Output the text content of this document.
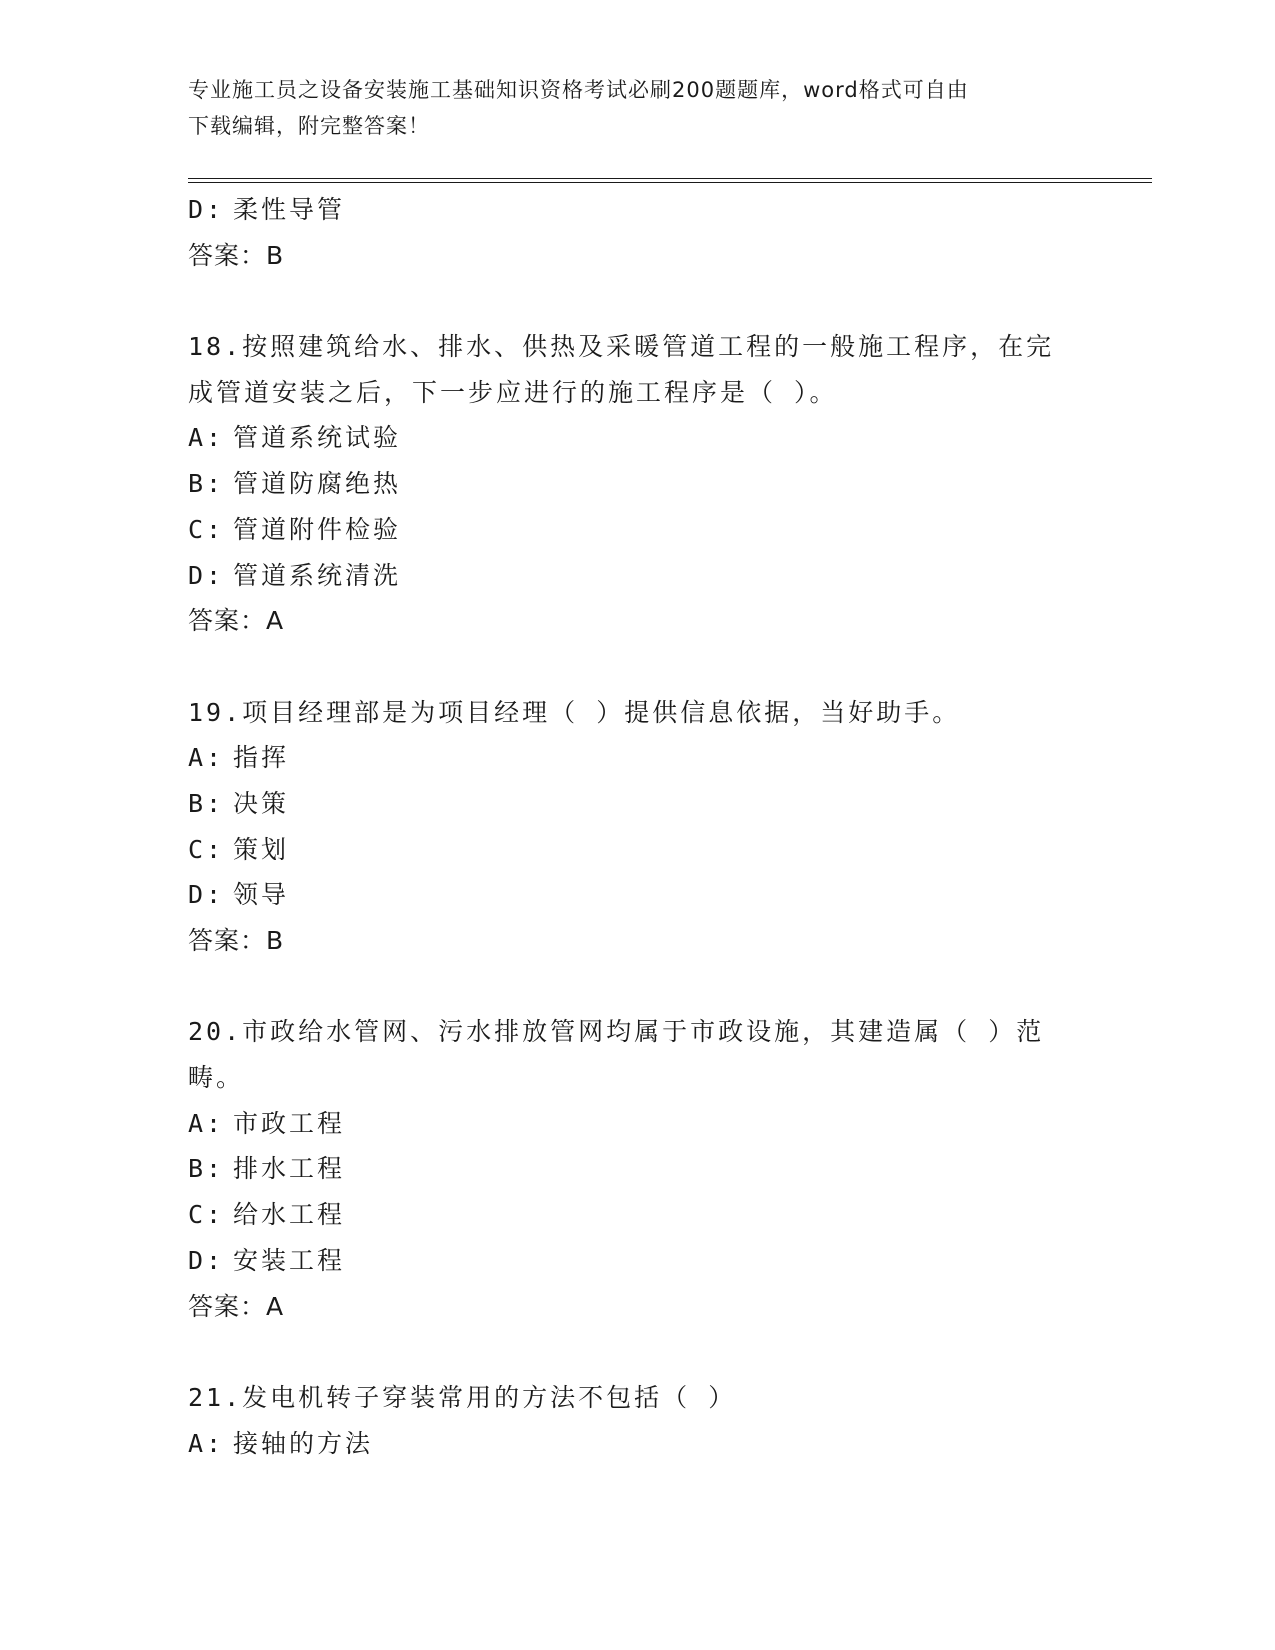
专业施工员之设备安装施工基础知识资格考试必刷200题题库，word格式可自由
下载编辑，附完整答案！
D: 柔性导管
答案：B
18.按照建筑给水、排水、供热及采暖管道工程的一般施工程序，在完
成管道安装之后，下一步应进行的施工程序是（ ）。
A: 管道系统试验
B: 管道防腐绝热
C: 管道附件检验
D: 管道系统清洗
答案：A
19.项目经理部是为项目经理（ ）提供信息依据，当好助手。
A: 指挥
B: 决策
C: 策划
D: 领导
答案：B
20.市政给水管网、污水排放管网均属于市政设施，其建造属（ ）范
畴。
A: 市政工程
B: 排水工程
C: 给水工程
D: 安装工程
答案：A
21.发电机转子穿装常用的方法不包括（ ）
A: 接轴的方法
